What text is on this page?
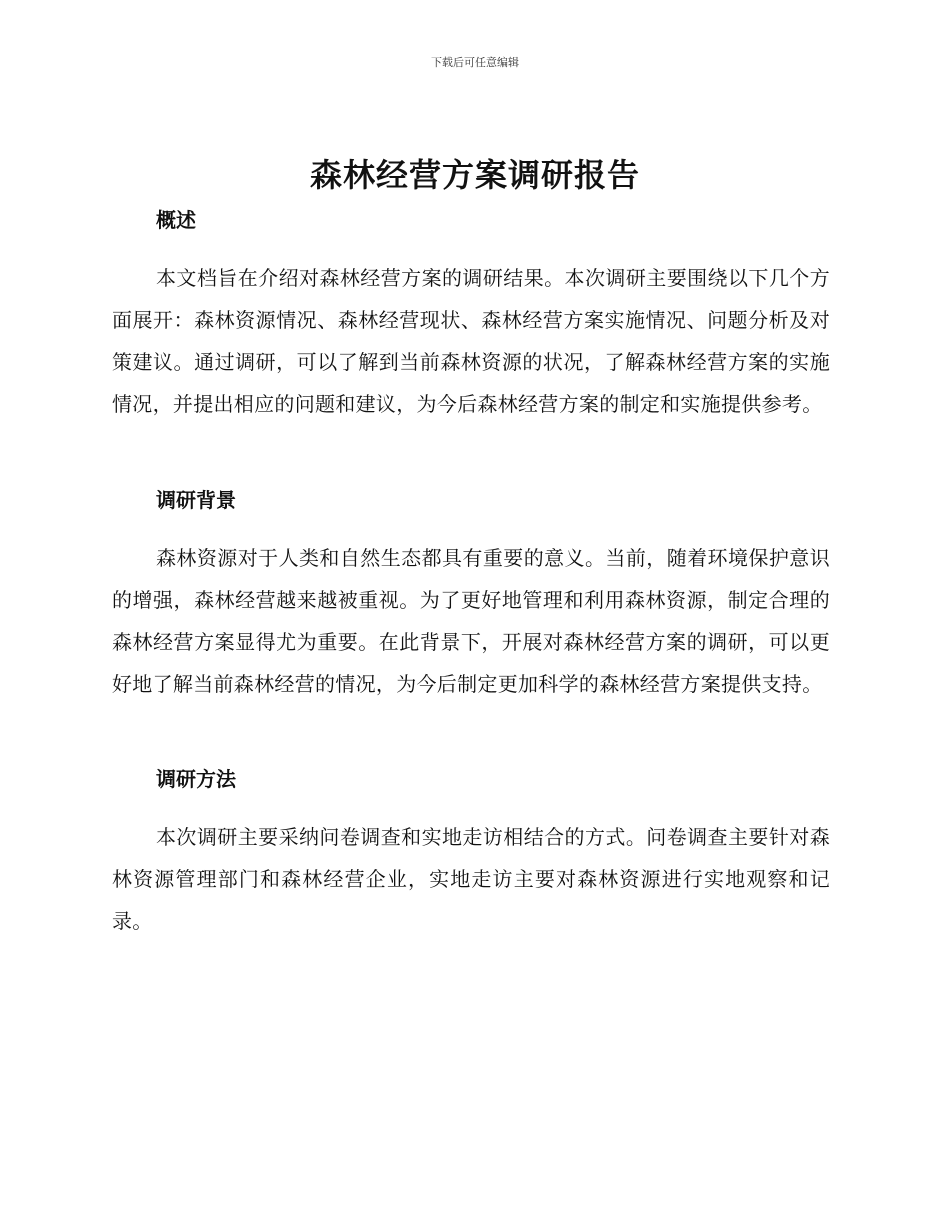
下载后可任意编辑
森林经营方案调研报告
概述

本文档旨在介绍对森林经营方案的调研结果。本次调研主要围绕以下几个方面展开：森林资源情况、森林经营现状、森林经营方案实施情况、问题分析及对策建议。通过调研，可以了解到当前森林资源的状况，了解森林经营方案的实施情况，并提出相应的问题和建议，为今后森林经营方案的制定和实施提供参考。

调研背景

森林资源对于人类和自然生态都具有重要的意义。当前，随着环境保护意识的增强，森林经营越来越被重视。为了更好地管理和利用森林资源，制定合理的森林经营方案显得尤为重要。在此背景下，开展对森林经营方案的调研，可以更好地了解当前森林经营的情况，为今后制定更加科学的森林经营方案提供支持。

调研方法

本次调研主要采纳问卷调查和实地走访相结合的方式。问卷调查主要针对森林资源管理部门和森林经营企业，实地走访主要对森林资源进行实地观察和记录。
